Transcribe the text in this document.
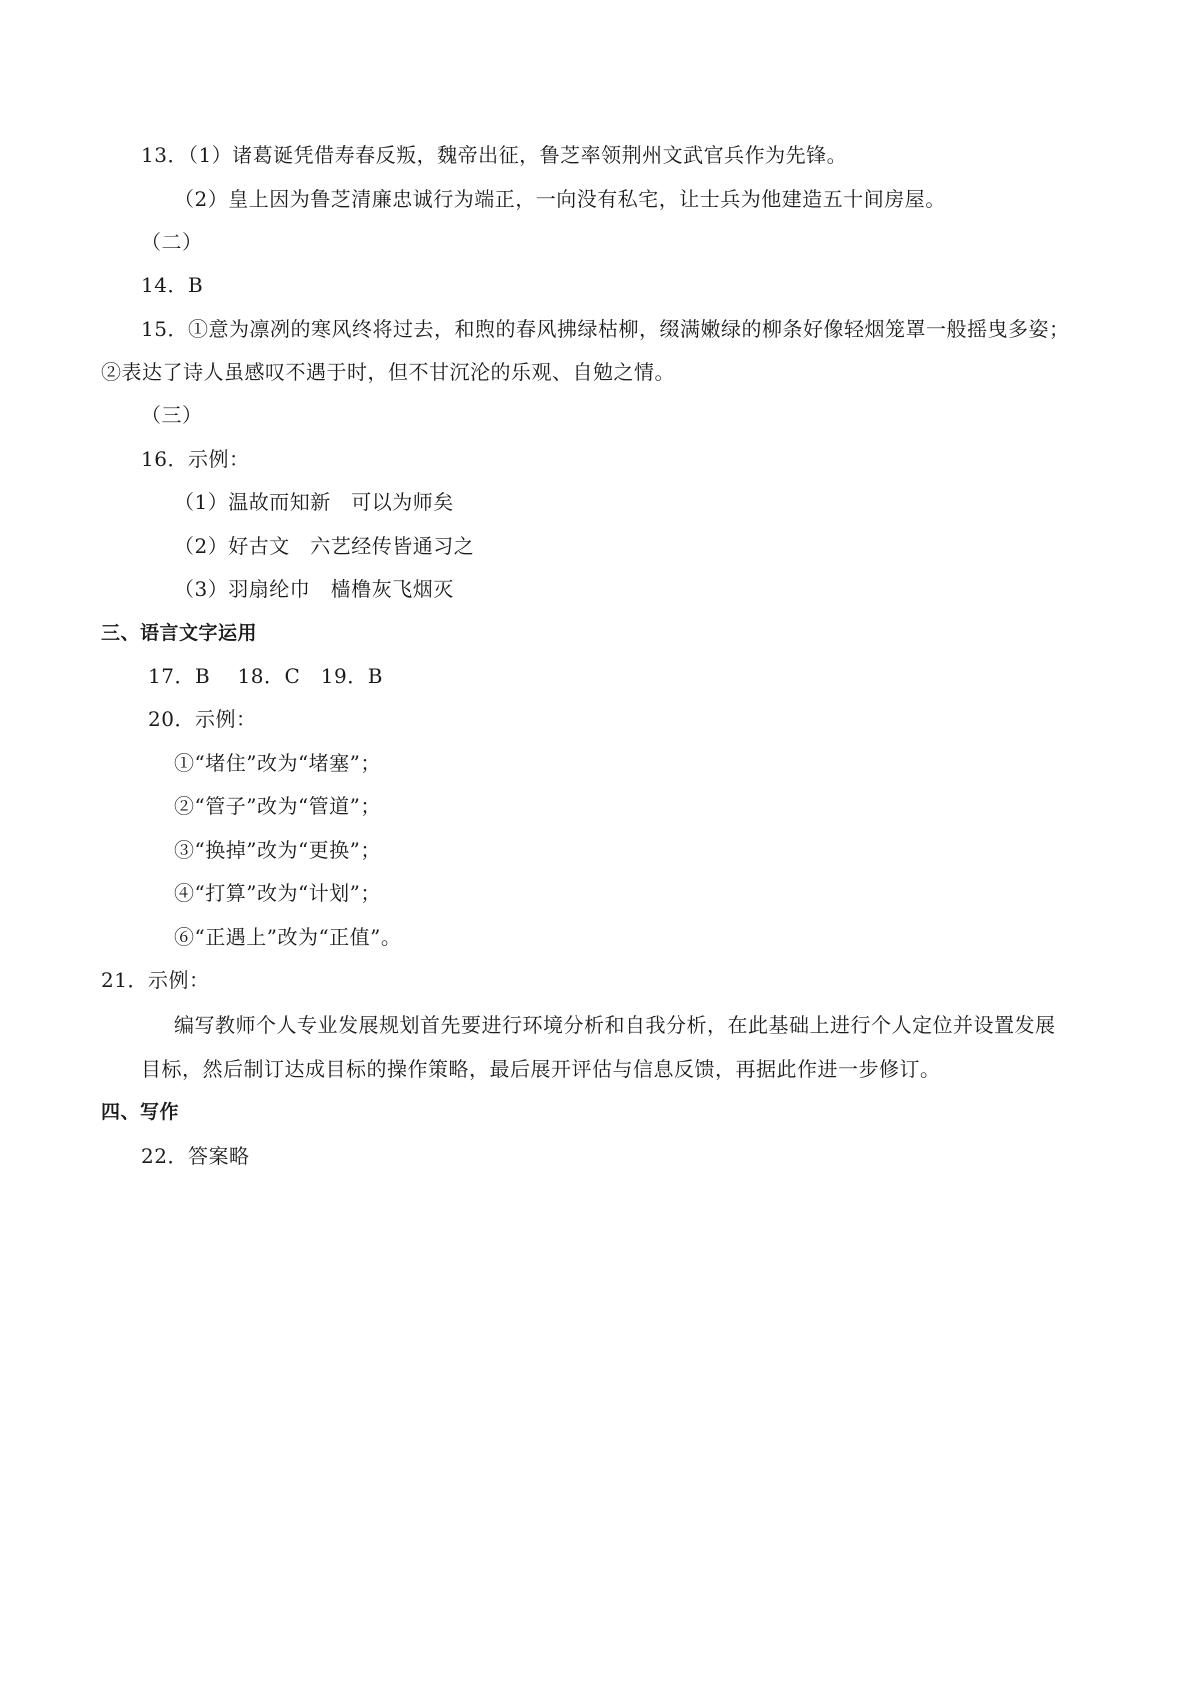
13．（1）诸葛诞凭借寿春反叛，魏帝出征，鲁芝率领荆州文武官兵作为先锋。
（2）皇上因为鲁芝清廉忠诚行为端正，一向没有私宅，让士兵为他建造五十间房屋。
（二）
14．B
15．①意为凛冽的寒风终将过去，和煦的春风拂绿枯柳，缀满嫩绿的柳条好像轻烟笼罩一般摇曳多姿；
②表达了诗人虽感叹不遇于时，但不甘沉沦的乐观、自勉之情。
（三）
16．示例：
（1）温故而知新　可以为师矣
（2）好古文　六艺经传皆通习之
（3）羽扇纶巾　樯橹灰飞烟灭
三、语言文字运用
17．B　 18．C　19．B
20．示例：
①“堵住”改为“堵塞”；
②“管子”改为“管道”；
③“换掉”改为“更换”；
④“打算”改为“计划”；
⑥“正遇上”改为“正值”。
21．示例：
编写教师个人专业发展规划首先要进行环境分析和自我分析，在此基础上进行个人定位并设置发展
目标，然后制订达成目标的操作策略，最后展开评估与信息反馈，再据此作进一步修订。
四、写作
22．答案略
